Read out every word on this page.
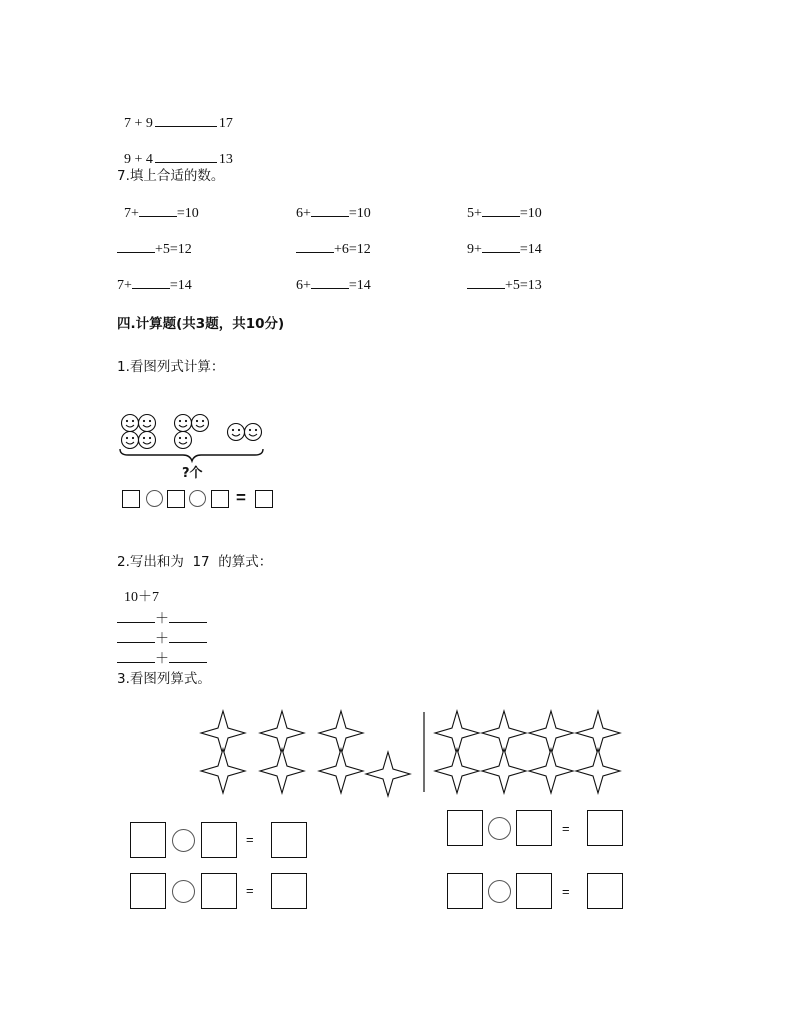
7 + 9	17

9 + 4	13

7.填上合适的数。
7+	=10	6+	=10	5+	=10
+5=12	+6=12	9+	=14
7+	=14	6+	=14	+5=13
四.计算题(共3题，共10分)
1.看图列式计算：
?个
=
2.写出和为  17  的算式：
10＋7
＋
＋
＋
3.看图列算式。
=
=
=
=
